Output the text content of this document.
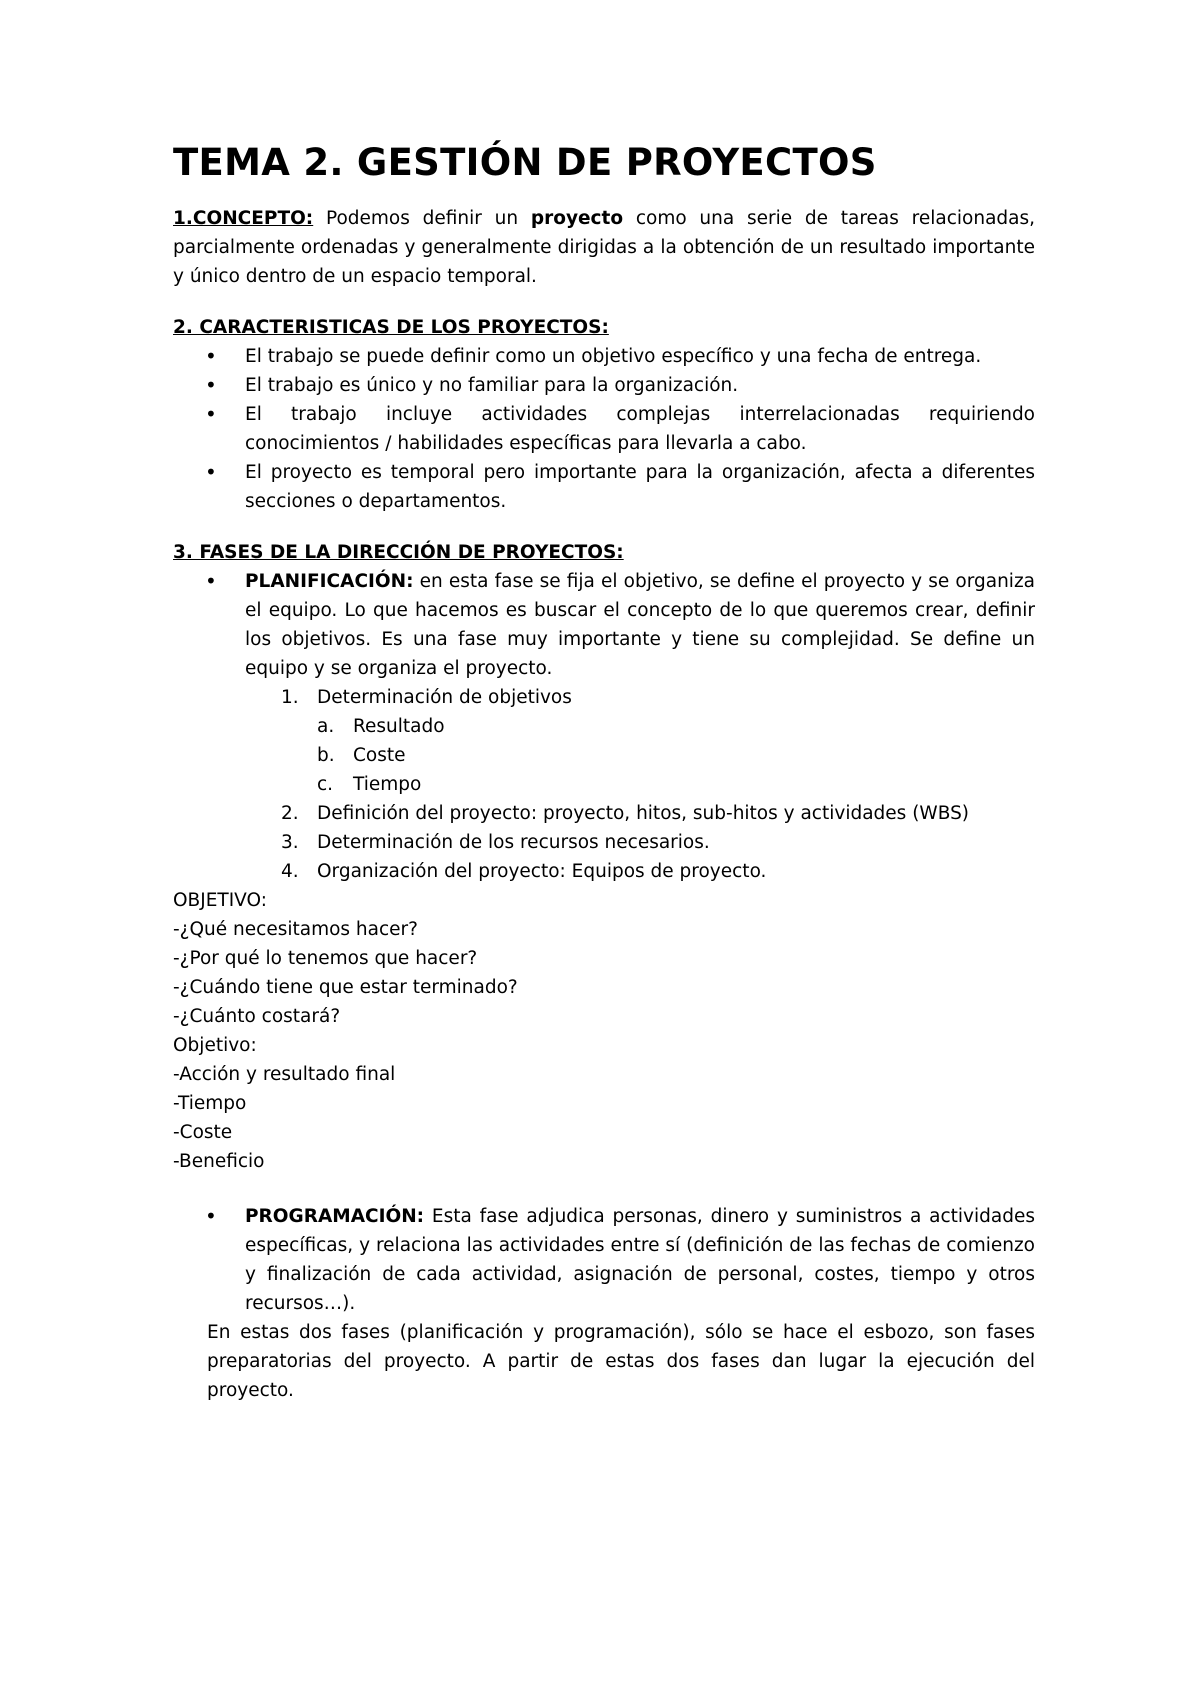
TEMA 2. GESTIÓN DE PROYECTOS

1.CONCEPTO: Podemos definir un proyecto como una serie de tareas relacionadas, parcialmente ordenadas y generalmente dirigidas a la obtención de un resultado importante y único dentro de un espacio temporal.

2. CARACTERISTICAS DE LOS PROYECTOS:

• El trabajo se puede definir como un objetivo específico y una fecha de entrega.
• El trabajo es único y no familiar para la organización.
• El trabajo incluye actividades complejas interrelacionadas requiriendo conocimientos / habilidades específicas para llevarla a cabo.
• El proyecto es temporal pero importante para la organización, afecta a diferentes secciones o departamentos.

3. FASES DE LA DIRECCIÓN DE PROYECTOS:

• PLANIFICACIÓN: en esta fase se fija el objetivo, se define el proyecto y se organiza el equipo. Lo que hacemos es buscar el concepto de lo que queremos crear, definir los objetivos. Es una fase muy importante y tiene su complejidad. Se define un equipo y se organiza el proyecto.
1. Determinación de objetivos
a. Resultado
b. Coste
c. Tiempo
2. Definición del proyecto: proyecto, hitos, sub-hitos y actividades (WBS)
3. Determinación de los recursos necesarios.
4. Organización del proyecto: Equipos de proyecto.

OBJETIVO:

-¿Qué necesitamos hacer?

-¿Por qué lo tenemos que hacer?

-¿Cuándo tiene que estar terminado?

-¿Cuánto costará?

Objetivo:

-Acción y resultado final

-Tiempo

-Coste

-Beneficio

• PROGRAMACIÓN: Esta fase adjudica personas, dinero y suministros a actividades específicas, y relaciona las actividades entre sí (definición de las fechas de comienzo y finalización de cada actividad, asignación de personal, costes, tiempo y otros recursos…).

En estas dos fases (planificación y programación), sólo se hace el esbozo, son fases preparatorias del proyecto. A partir de estas dos fases dan lugar la ejecución del proyecto.
